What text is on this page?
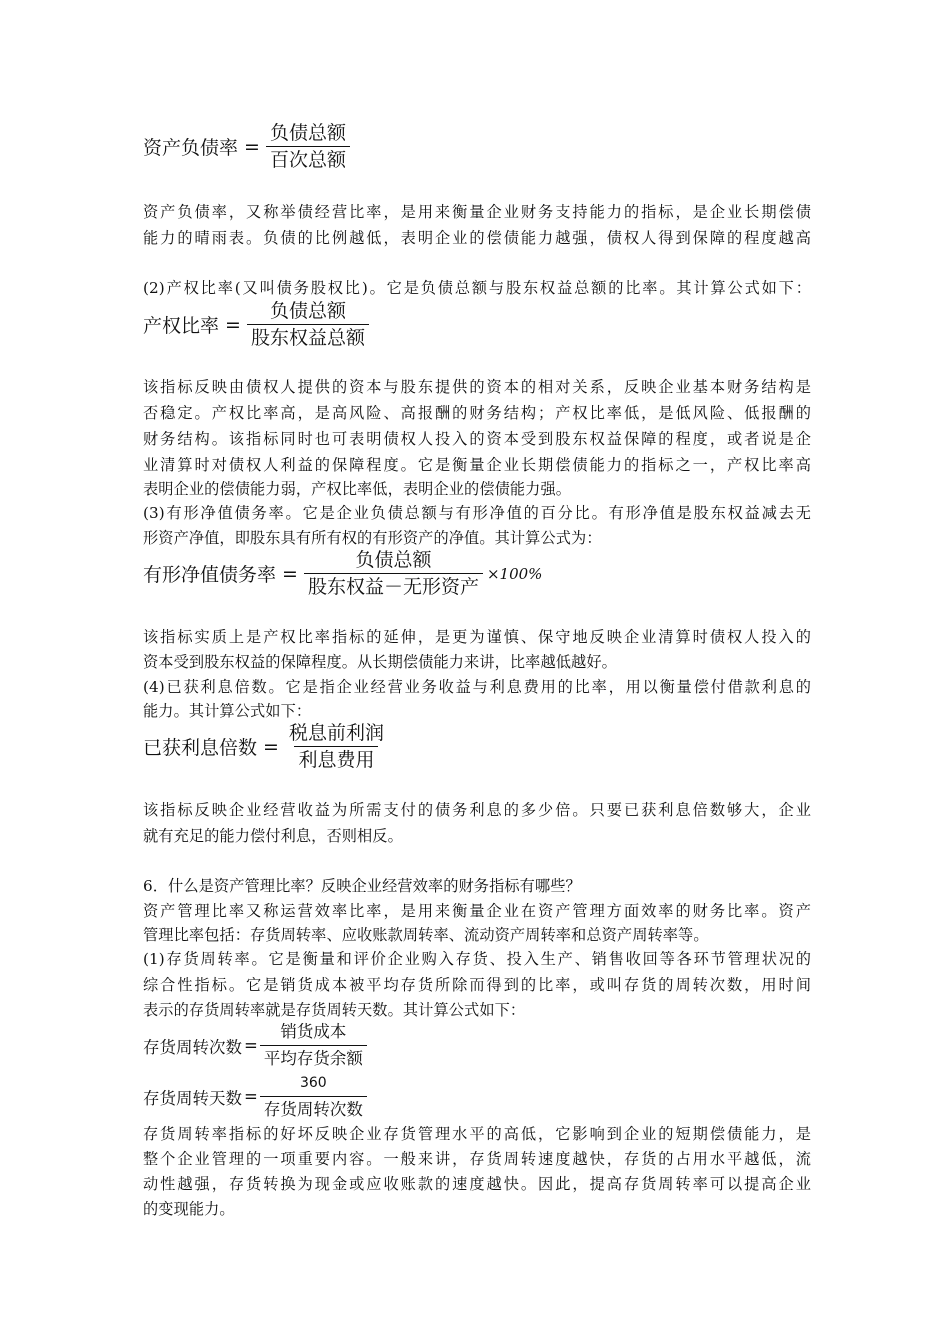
资产负债率 = $\frac{\text{负债总额}}{\text{百次总额}}$
资产负债率，又称举债经营比率，是用来衡量企业财务支持能力的指标，是企业长期偿债
能力的晴雨表。负债的比例越低，表明企业的偿债能力越强，债权人得到保障的程度越高
(2)产权比率(又叫债务股权比)。它是负债总额与股东权益总额的比率。其计算公式如下：
产权比率 = $\frac{\text{负债总额}}{\text{股东权益总额}}$
该指标反映由债权人提供的资本与股东提供的资本的相对关系，反映企业基本财务结构是
否稳定。产权比率高，是高风险、高报酬的财务结构；产权比率低，是低风险、低报酬的
财务结构。该指标同时也可表明债权人投入的资本受到股东权益保障的程度，或者说是企
业清算时对债权人利益的保障程度。它是衡量企业长期偿债能力的指标之一，产权比率高
表明企业的偿债能力弱，产权比率低，表明企业的偿债能力强。
(3)有形净值债务率。它是企业负债总额与有形净值的百分比。有形净值是股东权益减去无
形资产净值，即股东具有所有权的有形资产的净值。其计算公式为：
有形净值债务率 = $\frac{\text{负债总额}}{\text{股东权益－无形资产}} \times 100\%$
该指标实质上是产权比率指标的延伸，是更为谨慎、保守地反映企业清算时债权人投入的
资本受到股东权益的保障程度。从长期偿债能力来讲，比率越低越好。
(4)已获利息倍数。它是指企业经营业务收益与利息费用的比率，用以衡量偿付借款利息的
能力。其计算公式如下：
已获利息倍数 = $\frac{\text{税息前利润}}{\text{利息费用}}$
该指标反映企业经营收益为所需支付的债务利息的多少倍。只要已获利息倍数够大，企业
就有充足的能力偿付利息，否则相反。
6．什么是资产管理比率？反映企业经营效率的财务指标有哪些？
资产管理比率又称运营效率比率，是用来衡量企业在资产管理方面效率的财务比率。资产
管理比率包括：存货周转率、应收账款周转率、流动资产周转率和总资产周转率等。
(1)存货周转率。它是衡量和评价企业购入存货、投入生产、销售收回等各环节管理状况的
综合性指标。它是销货成本被平均存货所除而得到的比率，或叫存货的周转次数，用时间
表示的存货周转率就是存货周转天数。其计算公式如下：
存货周转次数 = $\frac{\text{销货成本}}{\text{平均存货余额}}$
存货周转天数 = $\frac{360}{\text{存货周转次数}}$
存货周转率指标的好坏反映企业存货管理水平的高低，它影响到企业的短期偿债能力，是
整个企业管理的一项重要内容。一般来讲，存货周转速度越快，存货的占用水平越低，流
动性越强，存货转换为现金或应收账款的速度越快。因此，提高存货周转率可以提高企业
的变现能力。
